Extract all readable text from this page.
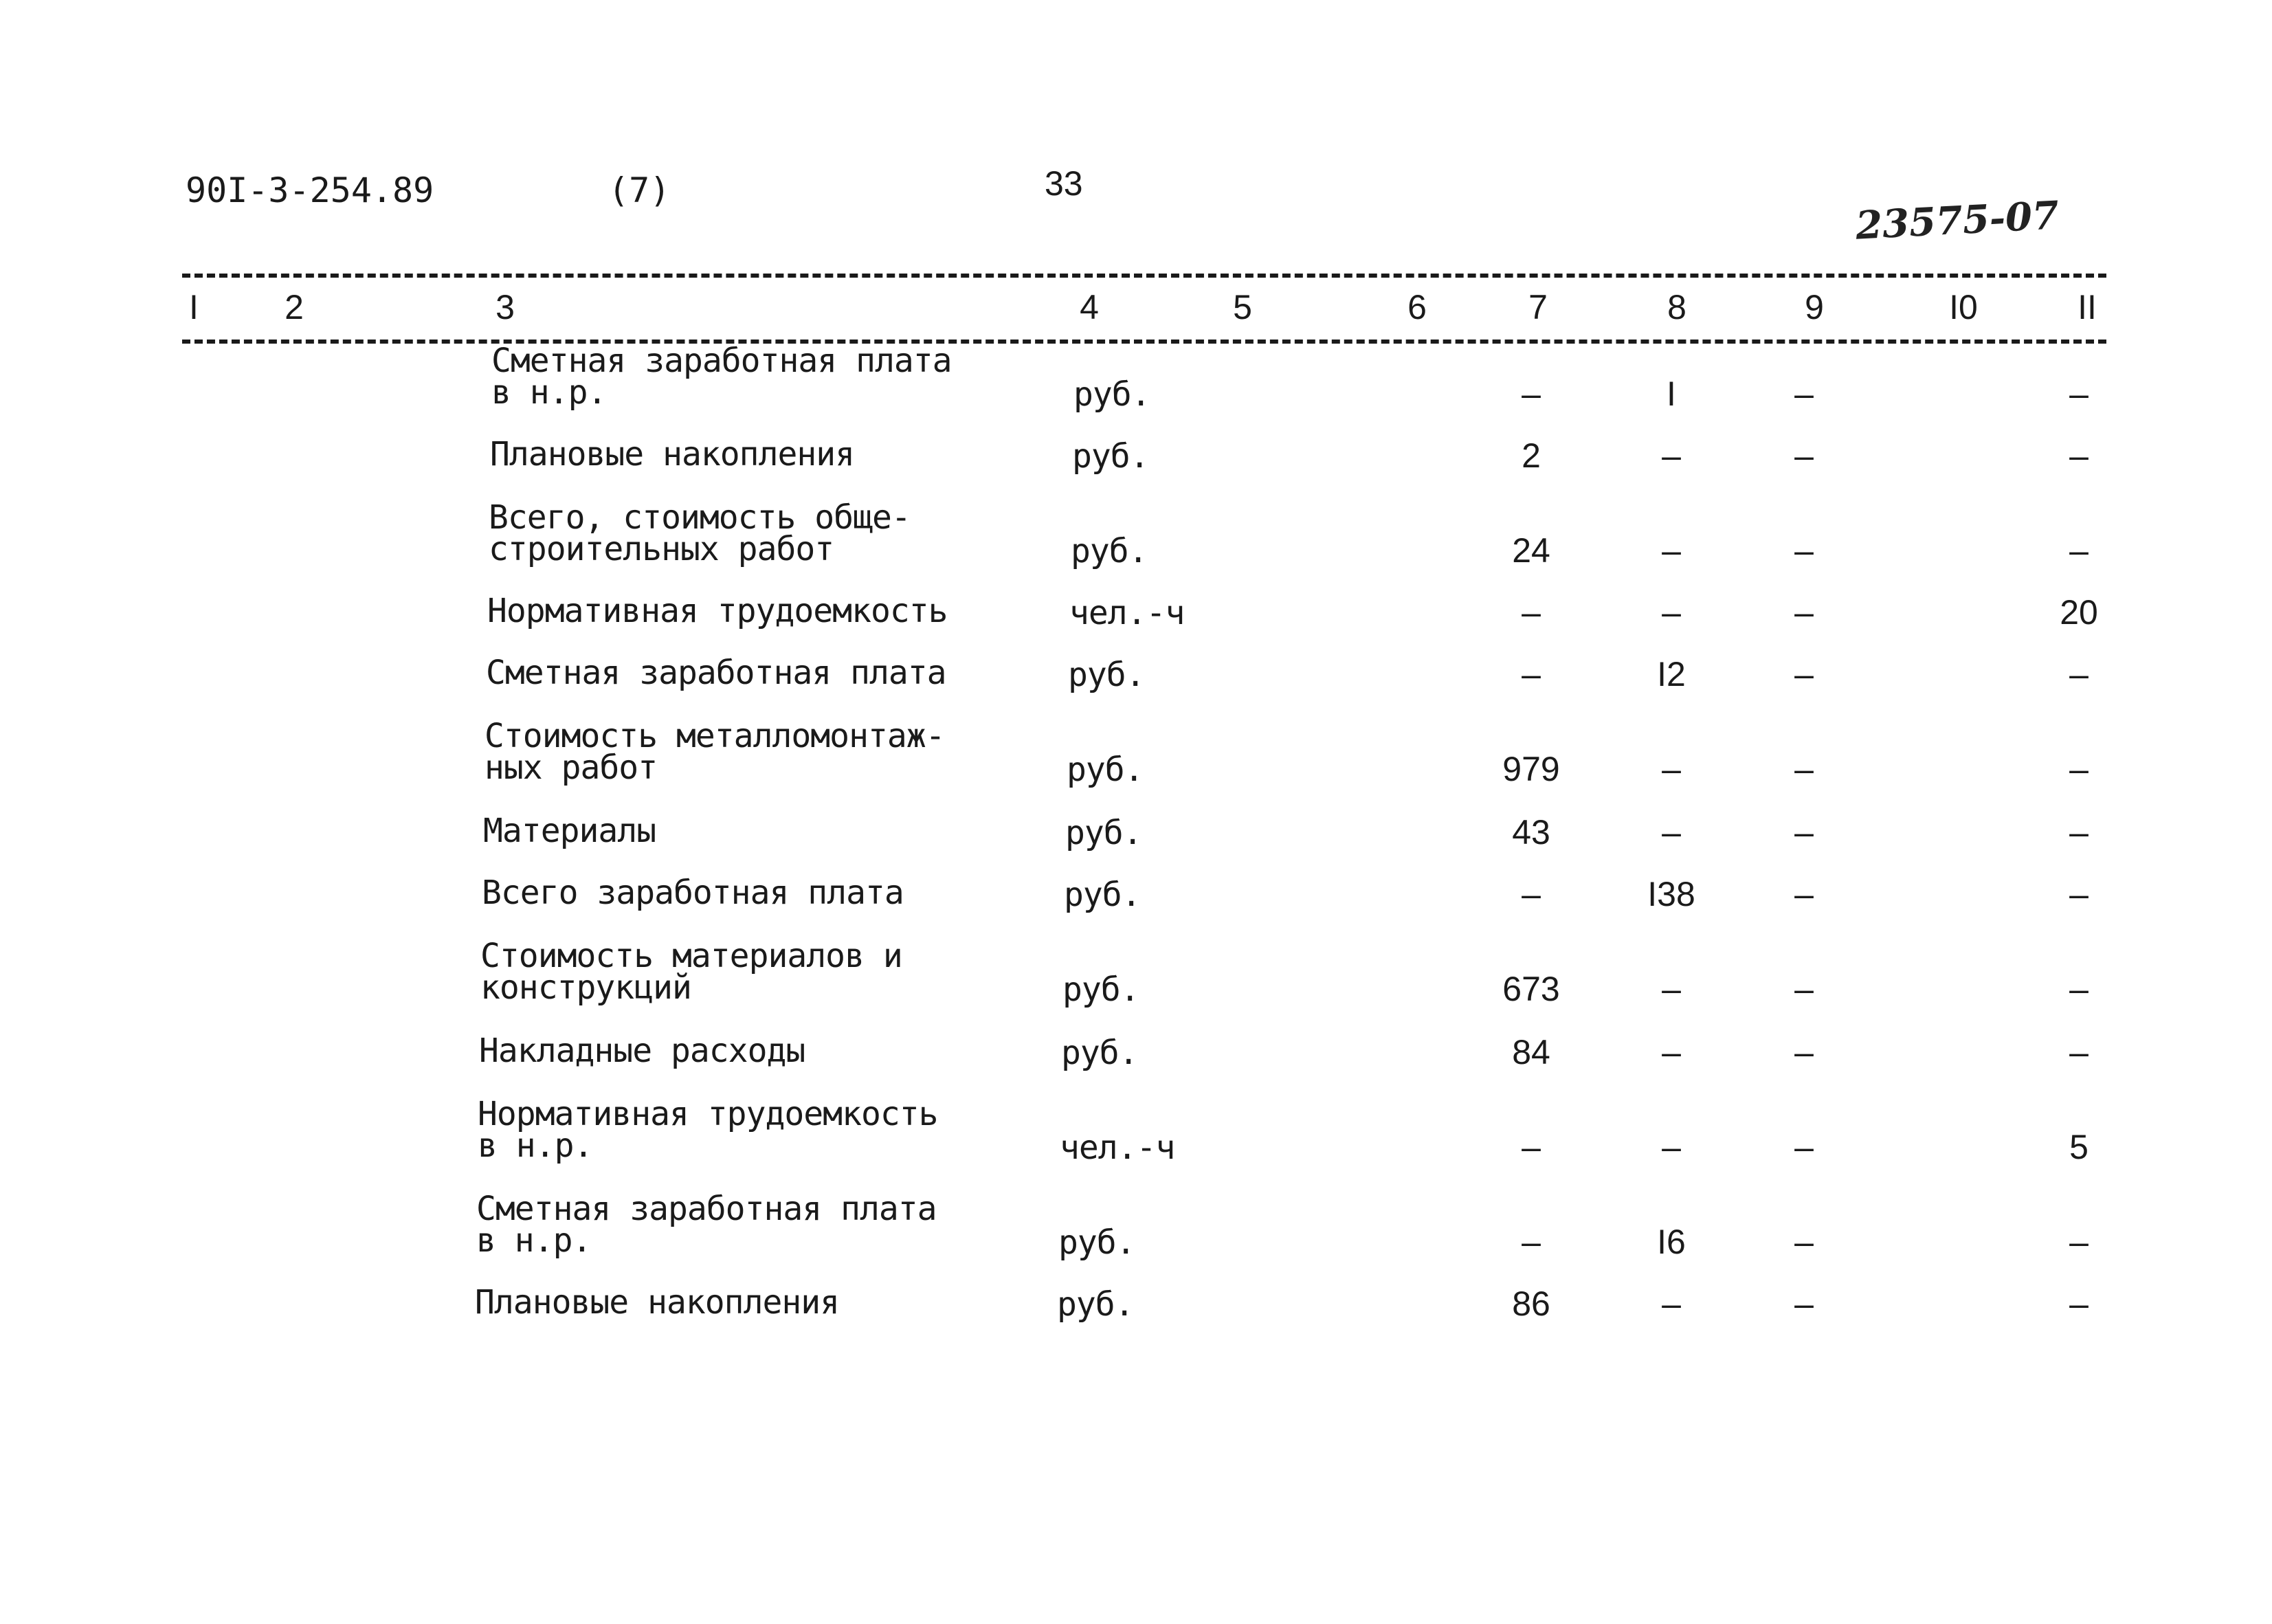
90I-3-254.89	(7)	33
23575-07
I	2	3	4	5	6	7	8	9	I0	II
Сметная заработная плата
в н.р.	руб.	–	I	–	–
Плановые накопления	руб.	2	–	–	–
Всего, стоимость обще-
строительных работ	руб.	24	–	–	–
Нормативная трудоемкость	чел.-ч	–	–	–	20
Сметная заработная плата	руб.	–	I2	–	–
Стоимость металломонтаж-
ных работ	руб.	979	–	–	–
Материалы	руб.	43	–	–	–
Всего заработная плата	руб.	–	I38	–	–
Стоимость материалов и
конструкций	руб.	673	–	–	–
Накладные расходы	руб.	84	–	–	–
Нормативная трудоемкость
в н.р.	чел.-ч	–	–	–	5
Сметная заработная плата
в н.р.	руб.	–	I6	–	–
Плановые накопления	руб.	86	–	–	–
